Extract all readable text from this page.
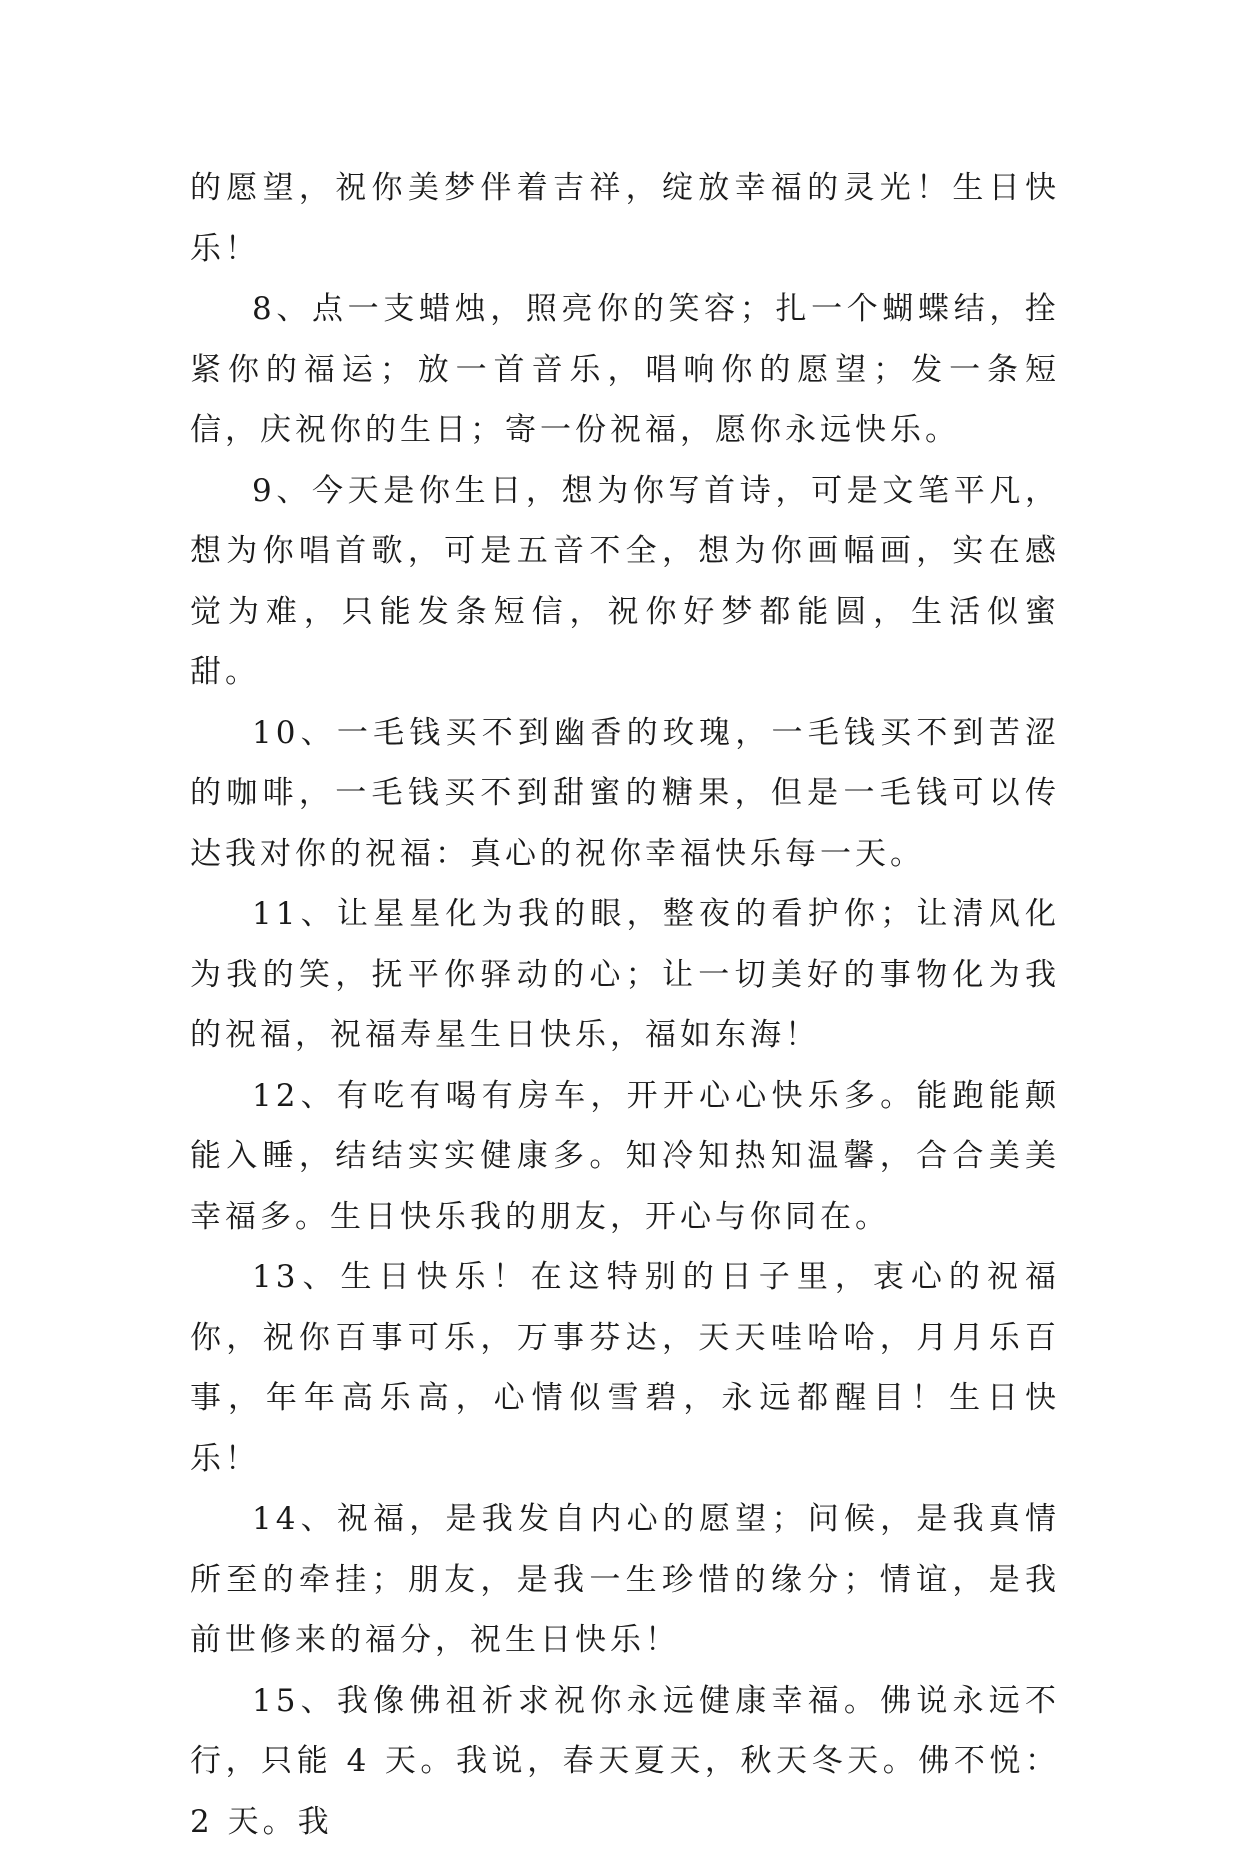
的愿望，祝你美梦伴着吉祥，绽放幸福的灵光！生日快乐！

8、点一支蜡烛，照亮你的笑容；扎一个蝴蝶结，拴紧你的福运；放一首音乐，唱响你的愿望；发一条短信，庆祝你的生日；寄一份祝福，愿你永远快乐。

9、今天是你生日，想为你写首诗，可是文笔平凡，想为你唱首歌，可是五音不全，想为你画幅画，实在感觉为难，只能发条短信，祝你好梦都能圆，生活似蜜甜。

10、一毛钱买不到幽香的玫瑰，一毛钱买不到苦涩的咖啡，一毛钱买不到甜蜜的糖果，但是一毛钱可以传达我对你的祝福：真心的祝你幸福快乐每一天。

11、让星星化为我的眼，整夜的看护你；让清风化为我的笑，抚平你驿动的心；让一切美好的事物化为我的祝福，祝福寿星生日快乐，福如东海！

12、有吃有喝有房车，开开心心快乐多。能跑能颠能入睡，结结实实健康多。知冷知热知温馨，合合美美幸福多。生日快乐我的朋友，开心与你同在。

13、生日快乐！在这特别的日子里，衷心的祝福你，祝你百事可乐，万事芬达，天天哇哈哈，月月乐百事，年年高乐高，心情似雪碧，永远都醒目！生日快乐！

14、祝福，是我发自内心的愿望；问候，是我真情所至的牵挂；朋友，是我一生珍惜的缘分；情谊，是我前世修来的福分，祝生日快乐！

15、我像佛祖祈求祝你永远健康幸福。佛说永远不行，只能 4 天。我说，春天夏天，秋天冬天。佛不悦：2 天。我
